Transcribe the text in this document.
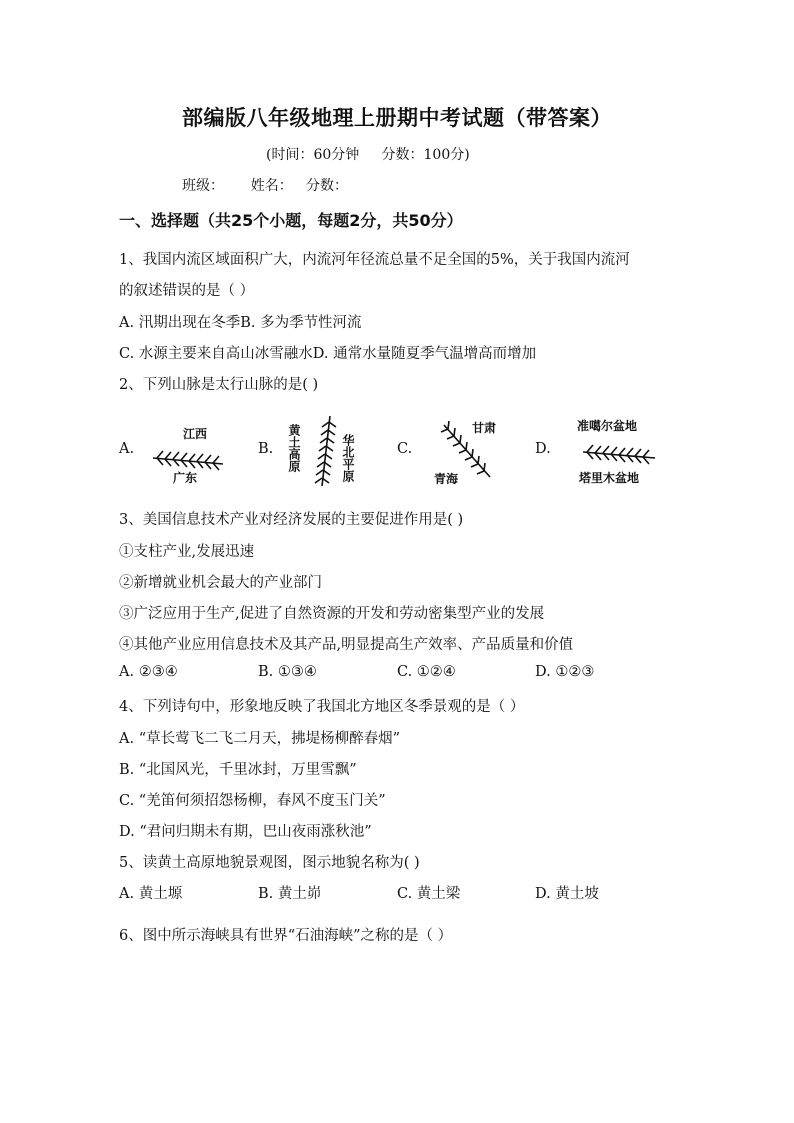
部编版八年级地理上册期中考试题（带答案）
(时间：60分钟     分数：100分)
班级：      姓名：   分数：
一、选择题（共25个小题，每题2分，共50分）
1、我国内流区域面积广大，内流河年径流总量不足全国的5%，关于我国内流河
的叙述错误的是（ ）
A. 汛期出现在冬季B. 多为季节性河流
C. 水源主要来自高山冰雪融水D. 通常水量随夏季气温增高而增加
2、下列山脉是太行山脉的是( )
A.
江西
广东
B. 黄土高原	华北平原	C.
甘肃
青海
D.
准噶尔盆地
塔里木盆地
3、美国信息技术产业对经济发展的主要促进作用是( )
①支柱产业,发展迅速
②新增就业机会最大的产业部门
③广泛应用于生产,促进了自然资源的开发和劳动密集型产业的发展
④其他产业应用信息技术及其产品,明显提高生产效率、产品质量和价值
A. ②③④	B. ①③④	C. ①②④	D. ①②③
4、下列诗句中，形象地反映了我国北方地区冬季景观的是（ ）
A. “草长莺飞二飞二月天，拂堤杨柳醉春烟”
B. “北国风光，千里冰封，万里雪飘”
C. “羌笛何须招怨杨柳，春风不度玉门关”
D. “君问归期未有期，巴山夜雨涨秋池”
5、读黄土高原地貌景观图，图示地貌名称为( )
A. 黄土塬	B. 黄土峁	C. 黄土梁	D. 黄土坡
6、图中所示海峡具有世界“石油海峡”之称的是（ ）
